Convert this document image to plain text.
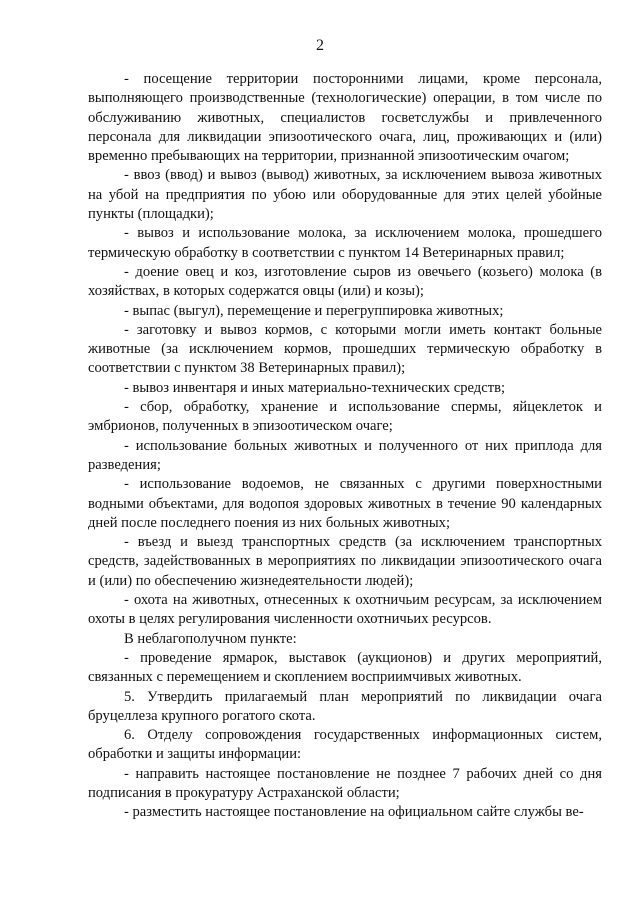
2

- посещение территории посторонними лицами, кроме персонала, выполняющего производственные (технологические) операции, в том числе по обслуживанию животных, специалистов госветслужбы и привлеченного персонала для ликвидации эпизоотического очага, лиц, проживающих и (или) временно пребывающих на территории, признанной эпизоотическим очагом;

- ввоз (ввод) и вывоз (вывод) животных, за исключением вывоза животных на убой на предприятия по убою или оборудованные для этих целей убойные пункты (площадки);

- вывоз и использование молока, за исключением молока, прошедшего термическую обработку в соответствии с пунктом 14 Ветеринарных правил;

- доение овец и коз, изготовление сыров из овечьего (козьего) молока (в хозяйствах, в которых содержатся овцы (или) и козы);

- выпас (выгул), перемещение и перегруппировка животных;

- заготовку и вывоз кормов, с которыми могли иметь контакт больные животные (за исключением кормов, прошедших термическую обработку в соответствии с пунктом 38 Ветеринарных правил);

- вывоз инвентаря и иных материально-технических средств;

- сбор, обработку, хранение и использование спермы, яйцеклеток и эмбрионов, полученных в эпизоотическом очаге;

- использование больных животных и полученного от них приплода для разведения;

- использование водоемов, не связанных с другими поверхностными водными объектами, для водопоя здоровых животных в течение 90 календарных дней после последнего поения из них больных животных;

- въезд и выезд транспортных средств (за исключением транспортных средств, задействованных в мероприятиях по ликвидации эпизоотического очага и (или) по обеспечению жизнедеятельности людей);

- охота на животных, отнесенных к охотничьим ресурсам, за исключением охоты в целях регулирования численности охотничьих ресурсов.

В неблагополучном пункте:

- проведение ярмарок, выставок (аукционов) и других мероприятий, связанных с перемещением и скоплением восприимчивых животных.

5. Утвердить прилагаемый план мероприятий по ликвидации очага бруцеллеза крупного рогатого скота.

6. Отделу сопровождения государственных информационных систем, обработки и защиты информации:

- направить настоящее постановление не позднее 7 рабочих дней со дня подписания в прокуратуру Астраханской области;

- разместить настоящее постановление на официальном сайте службы ве-
